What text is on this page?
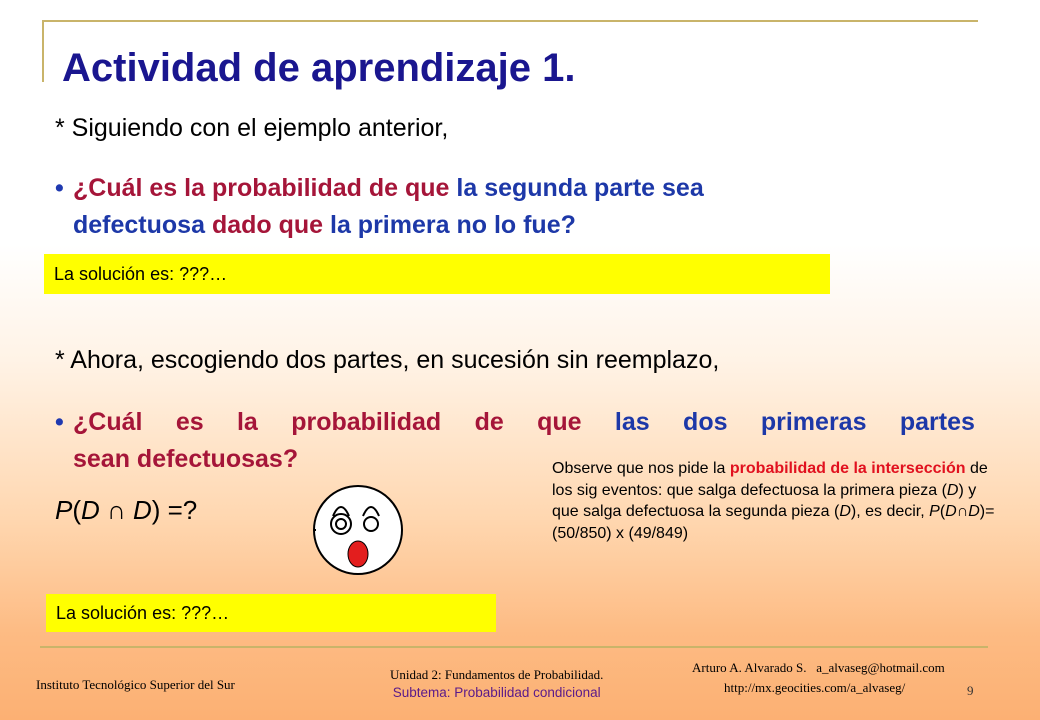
Actividad de aprendizaje 1.
* Siguiendo con el ejemplo anterior,
• ¿Cuál es la probabilidad de que la segunda parte sea
defectuosa dado que la primera no lo fue?
La solución es: ???…
* Ahora, escogiendo dos partes, en sucesión sin reemplazo,
• ¿Cuál es la probabilidad de que las dos primeras partes
sean defectuosas?
P(D ∩ D) =?
Observe que nos pide la probabilidad de la intersección de los sig eventos: que salga defectuosa la primera pieza (D) y que salga defectuosa la segunda pieza (D), es decir, P(D∩D)=(50/850) x (49/849)
La solución es: ???…
Instituto Tecnológico Superior del Sur
Unidad 2: Fundamentos de Probabilidad.
Subtema: Probabilidad condicional
Arturo A. Alvarado S. a_alvaseg@hotmail.com
http://mx.geocities.com/a_alvaseg/	9
